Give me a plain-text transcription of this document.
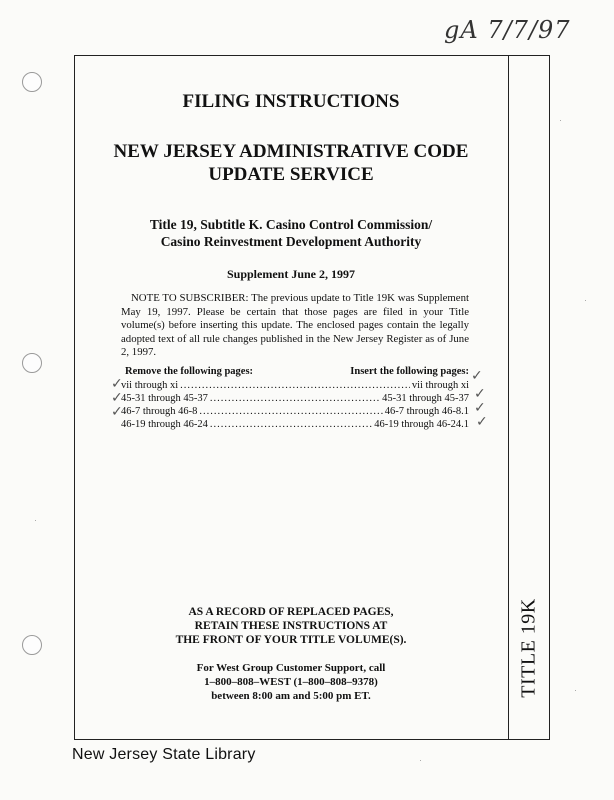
gA 7/7/97
TITLE 19K
FILING INSTRUCTIONS
NEW JERSEY ADMINISTRATIVE CODE
UPDATE SERVICE
Title 19, Subtitle K. Casino Control Commission/
Casino Reinvestment Development Authority
Supplement June 2, 1997
NOTE TO SUBSCRIBER: The previous update to Title 19K was Supplement May 19, 1997. Please be certain that those pages are filed in your Title volume(s) before inserting this update. The enclosed pages contain the legally adopted text of all rule changes published in the New Jersey Register as of June 2, 1997.
Remove the following pages:	Insert the following pages:
vii through xi .....	vii through xi
45-31 through 45-37 .....	45-31 through 45-37
46-7 through 46-8 .....	46-7 through 46-8.1
46-19 through 46-24 .....	46-19 through 46-24.1
✓
✓
✓
✓
✓
✓
✓
AS A RECORD OF REPLACED PAGES,
RETAIN THESE INSTRUCTIONS AT
THE FRONT OF YOUR TITLE VOLUME(S).
For West Group Customer Support, call
1–800–808–WEST (1–800–808–9378)
between 8:00 am and 5:00 pm ET.
New Jersey State Library
